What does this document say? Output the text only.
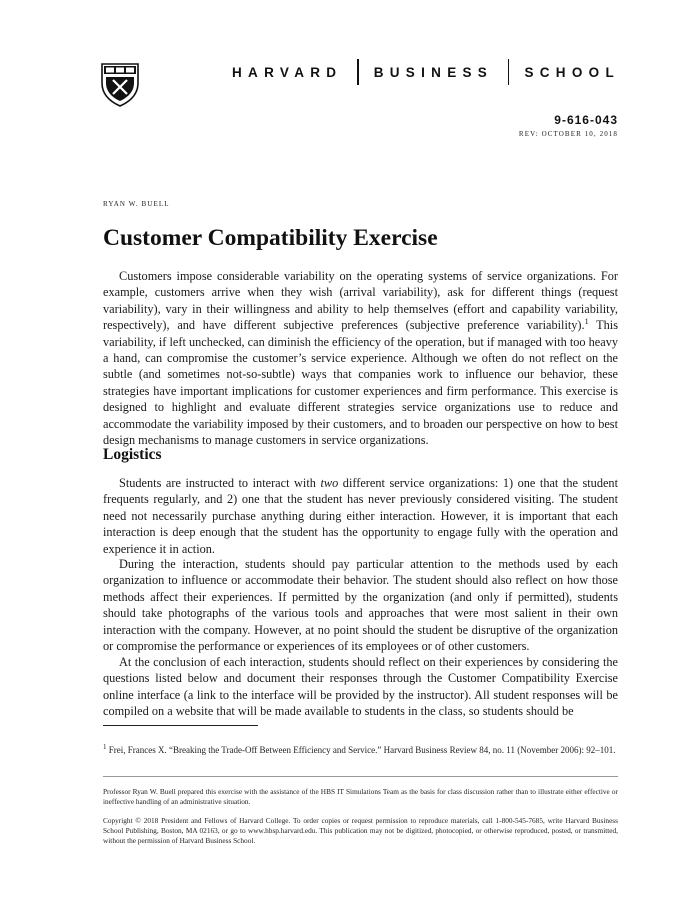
HARVARD BUSINESS SCHOOL
9-616-043
REV: OCTOBER 10, 2018
RYAN W. BUELL
Customer Compatibility Exercise

Customers impose considerable variability on the operating systems of service organizations. For example, customers arrive when they wish (arrival variability), ask for different things (request variability), vary in their willingness and ability to help themselves (effort and capability variability, respectively), and have different subjective preferences (subjective preference variability).$^1$ This variability, if left unchecked, can diminish the efficiency of the operation, but if managed with too heavy a hand, can compromise the customer’s service experience. Although we often do not reflect on the subtle (and sometimes not-so-subtle) ways that companies work to influence our behavior, these strategies have important implications for customer experiences and firm performance. This exercise is designed to highlight and evaluate different strategies service organizations use to reduce and accommodate the variability imposed by their customers, and to broaden our perspective on how to best design mechanisms to manage customers in service organizations.

Logistics

Students are instructed to interact with two different service organizations: 1) one that the student frequents regularly, and 2) one that the student has never previously considered visiting. The student need not necessarily purchase anything during either interaction. However, it is important that each interaction is deep enough that the student has the opportunity to engage fully with the operation and experience it in action.

During the interaction, students should pay particular attention to the methods used by each organization to influence or accommodate their behavior. The student should also reflect on how those methods affect their experiences. If permitted by the organization (and only if permitted), students should take photographs of the various tools and approaches that were most salient in their own interaction with the company. However, at no point should the student be disruptive of the organization or compromise the performance or experiences of its employees or of other customers.

At the conclusion of each interaction, students should reflect on their experiences by considering the questions listed below and document their responses through the Customer Compatibility Exercise online interface (a link to the interface will be provided by the instructor). All student responses will be compiled on a website that will be made available to students in the class, so students should be

$^1$ Frei, Frances X. “Breaking the Trade-Off Between Efficiency and Service.” Harvard Business Review 84, no. 11 (November 2006): 92–101.

Professor Ryan W. Buell prepared this exercise with the assistance of the HBS IT Simulations Team as the basis for class discussion rather than to illustrate either effective or ineffective handling of an administrative situation.

Copyright © 2018 President and Fellows of Harvard College. To order copies or request permission to reproduce materials, call 1-800-545-7685, write Harvard Business School Publishing, Boston, MA 02163, or go to www.hbsp.harvard.edu. This publication may not be digitized, photocopied, or otherwise reproduced, posted, or transmitted, without the permission of Harvard Business School.
